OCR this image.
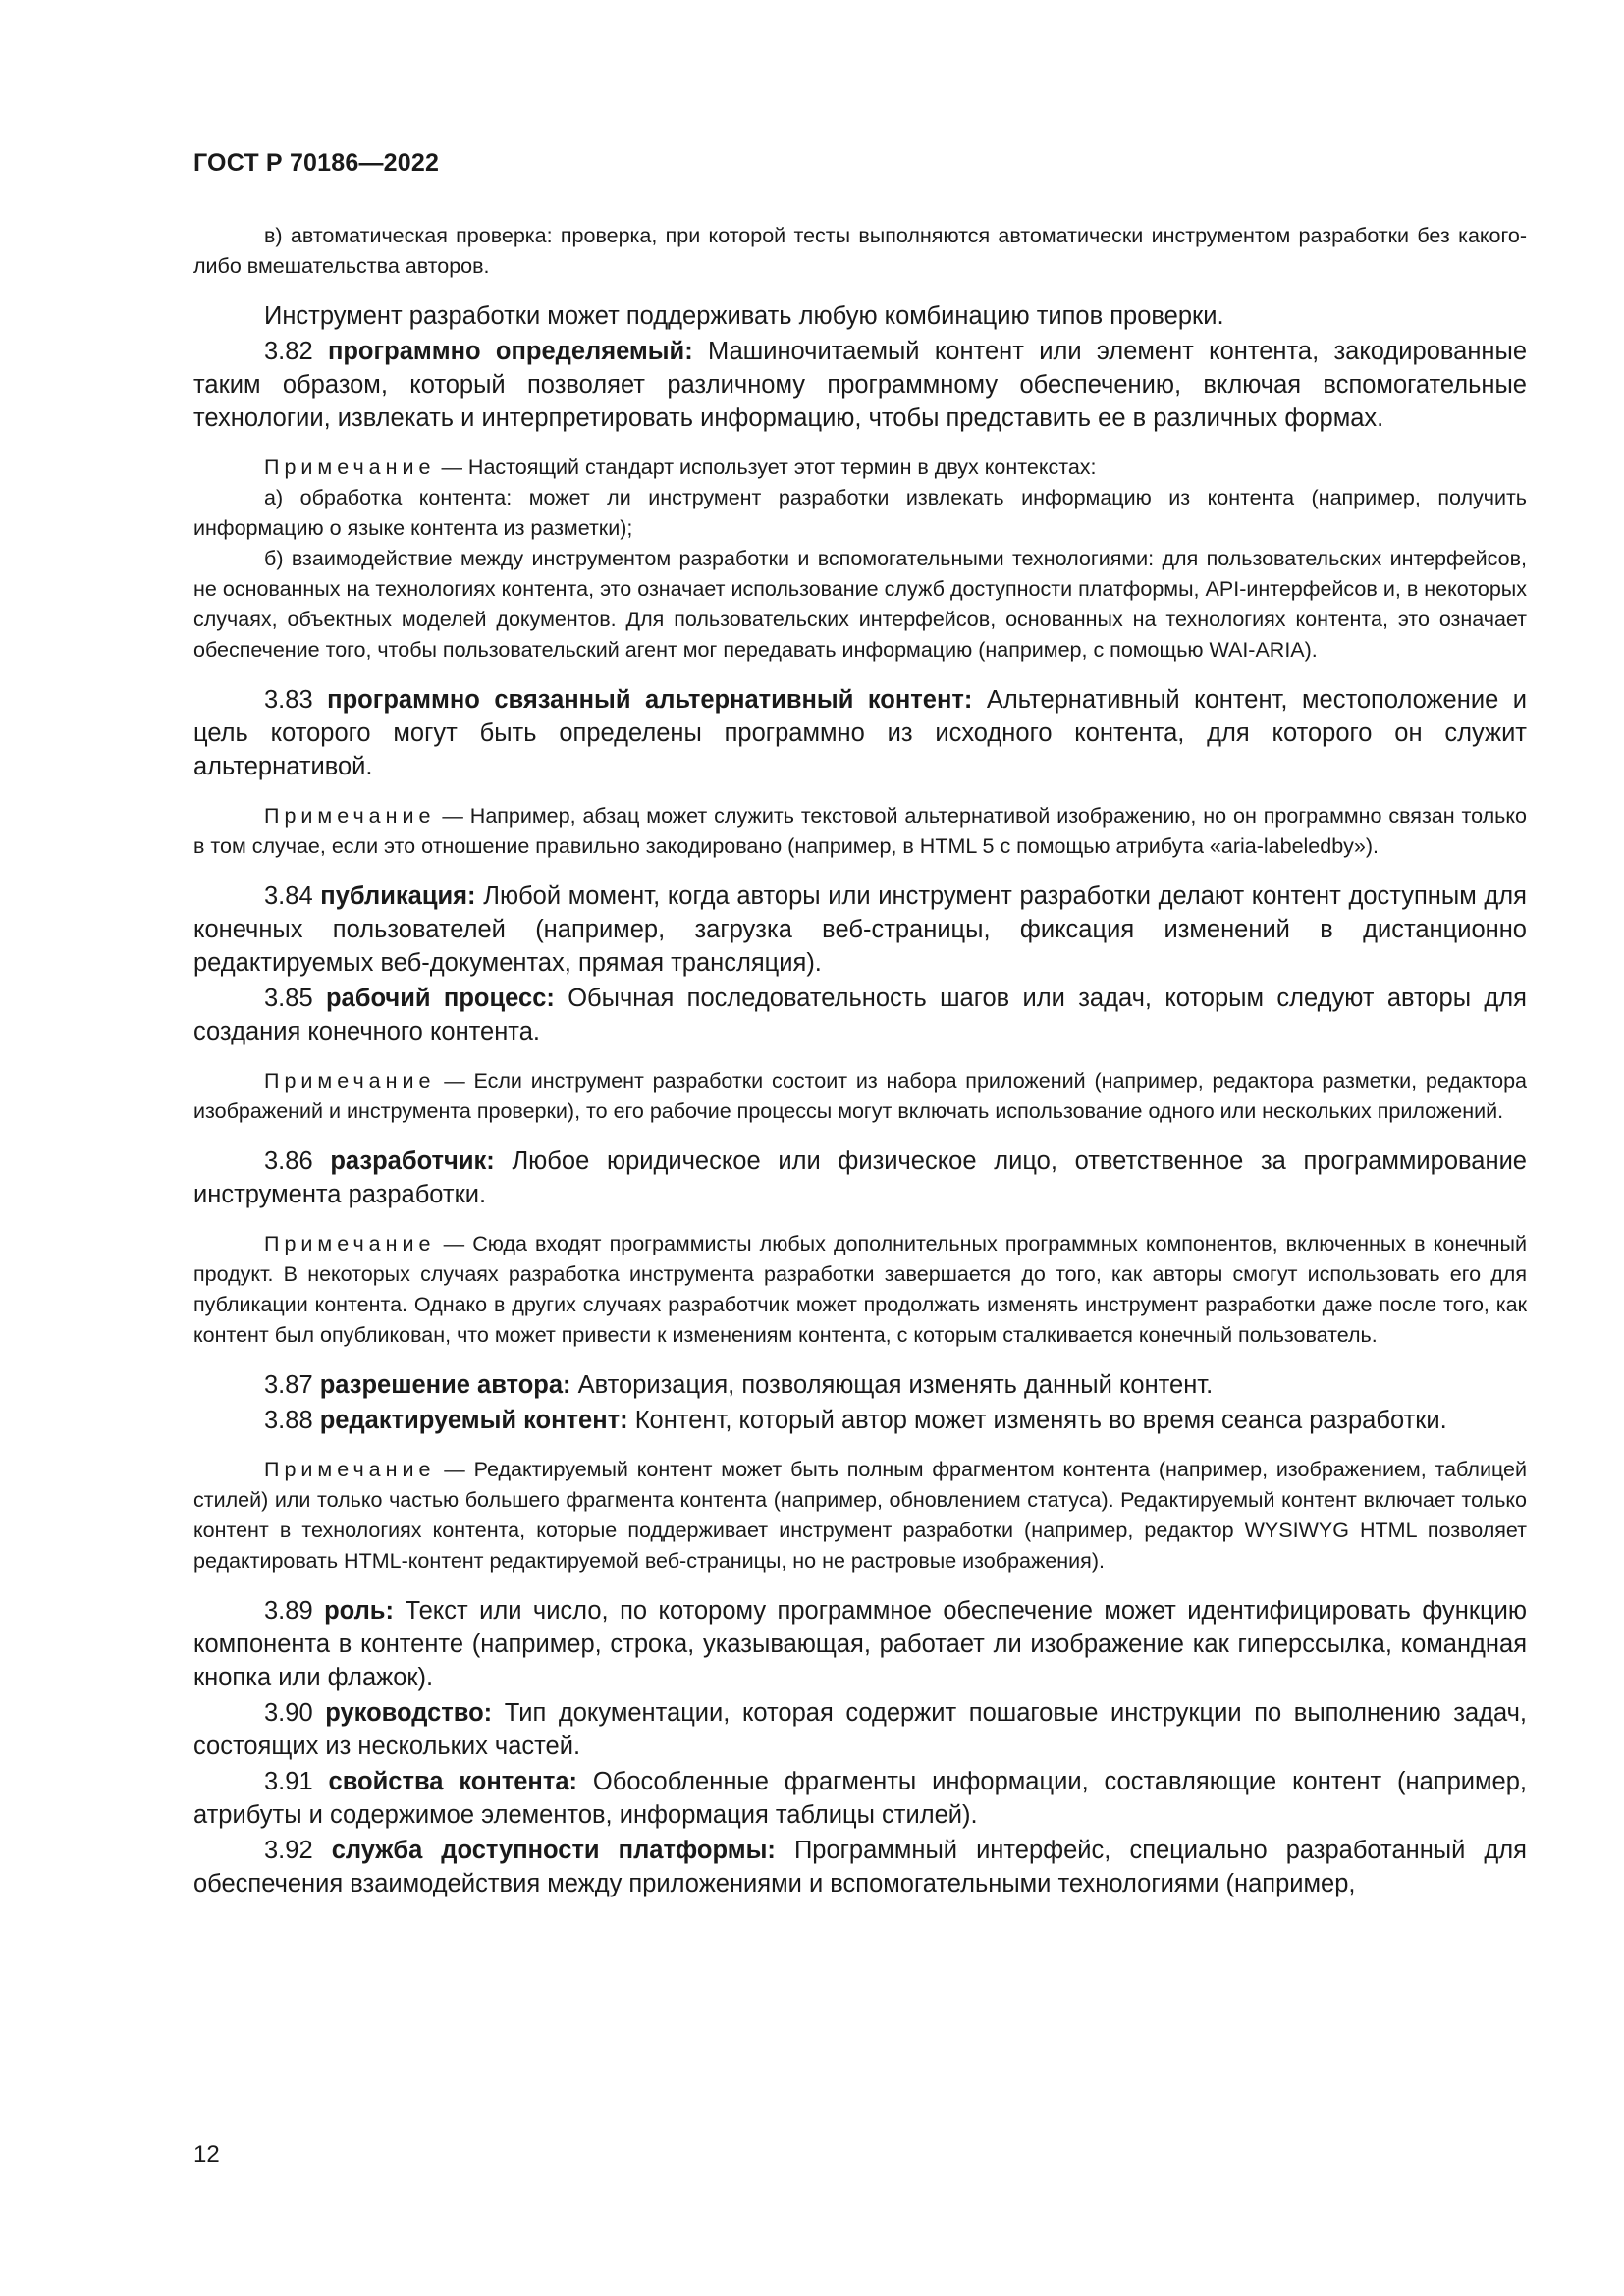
ГОСТ Р 70186—2022

в) автоматическая проверка: проверка, при которой тесты выполняются автоматически инструментом разработки без какого-либо вмешательства авторов.

Инструмент разработки может поддерживать любую комбинацию типов проверки.

3.82 программно определяемый: Машиночитаемый контент или элемент контента, закодированные таким образом, который позволяет различному программному обеспечению, включая вспомогательные технологии, извлекать и интерпретировать информацию, чтобы представить ее в различных формах.

Примечание — Настоящий стандарт использует этот термин в двух контекстах:

а) обработка контента: может ли инструмент разработки извлекать информацию из контента (например, получить информацию о языке контента из разметки);

б) взаимодействие между инструментом разработки и вспомогательными технологиями: для пользовательских интерфейсов, не основанных на технологиях контента, это означает использование служб доступности платформы, API-интерфейсов и, в некоторых случаях, объектных моделей документов. Для пользовательских интерфейсов, основанных на технологиях контента, это означает обеспечение того, чтобы пользовательский агент мог передавать информацию (например, с помощью WAI-ARIA).

3.83 программно связанный альтернативный контент: Альтернативный контент, местоположение и цель которого могут быть определены программно из исходного контента, для которого он служит альтернативой.

Примечание — Например, абзац может служить текстовой альтернативой изображению, но он программно связан только в том случае, если это отношение правильно закодировано (например, в HTML 5 с помощью атрибута «aria-labeledby»).

3.84 публикация: Любой момент, когда авторы или инструмент разработки делают контент доступным для конечных пользователей (например, загрузка веб-страницы, фиксация изменений в дистанционно редактируемых веб-документах, прямая трансляция).

3.85 рабочий процесс: Обычная последовательность шагов или задач, которым следуют авторы для создания конечного контента.

Примечание — Если инструмент разработки состоит из набора приложений (например, редактора разметки, редактора изображений и инструмента проверки), то его рабочие процессы могут включать использование одного или нескольких приложений.

3.86 разработчик: Любое юридическое или физическое лицо, ответственное за программирование инструмента разработки.

Примечание — Сюда входят программисты любых дополнительных программных компонентов, включенных в конечный продукт. В некоторых случаях разработка инструмента разработки завершается до того, как авторы смогут использовать его для публикации контента. Однако в других случаях разработчик может продолжать изменять инструмент разработки даже после того, как контент был опубликован, что может привести к изменениям контента, с которым сталкивается конечный пользователь.

3.87 разрешение автора: Авторизация, позволяющая изменять данный контент.

3.88 редактируемый контент: Контент, который автор может изменять во время сеанса разработки.

Примечание — Редактируемый контент может быть полным фрагментом контента (например, изображением, таблицей стилей) или только частью большего фрагмента контента (например, обновлением статуса). Редактируемый контент включает только контент в технологиях контента, которые поддерживает инструмент разработки (например, редактор WYSIWYG HTML позволяет редактировать HTML-контент редактируемой веб-страницы, но не растровые изображения).

3.89 роль: Текст или число, по которому программное обеспечение может идентифицировать функцию компонента в контенте (например, строка, указывающая, работает ли изображение как гиперссылка, командная кнопка или флажок).

3.90 руководство: Тип документации, которая содержит пошаговые инструкции по выполнению задач, состоящих из нескольких частей.

3.91 свойства контента: Обособленные фрагменты информации, составляющие контент (например, атрибуты и содержимое элементов, информация таблицы стилей).

3.92 служба доступности платформы: Программный интерфейс, специально разработанный для обеспечения взаимодействия между приложениями и вспомогательными технологиями (например,

12
